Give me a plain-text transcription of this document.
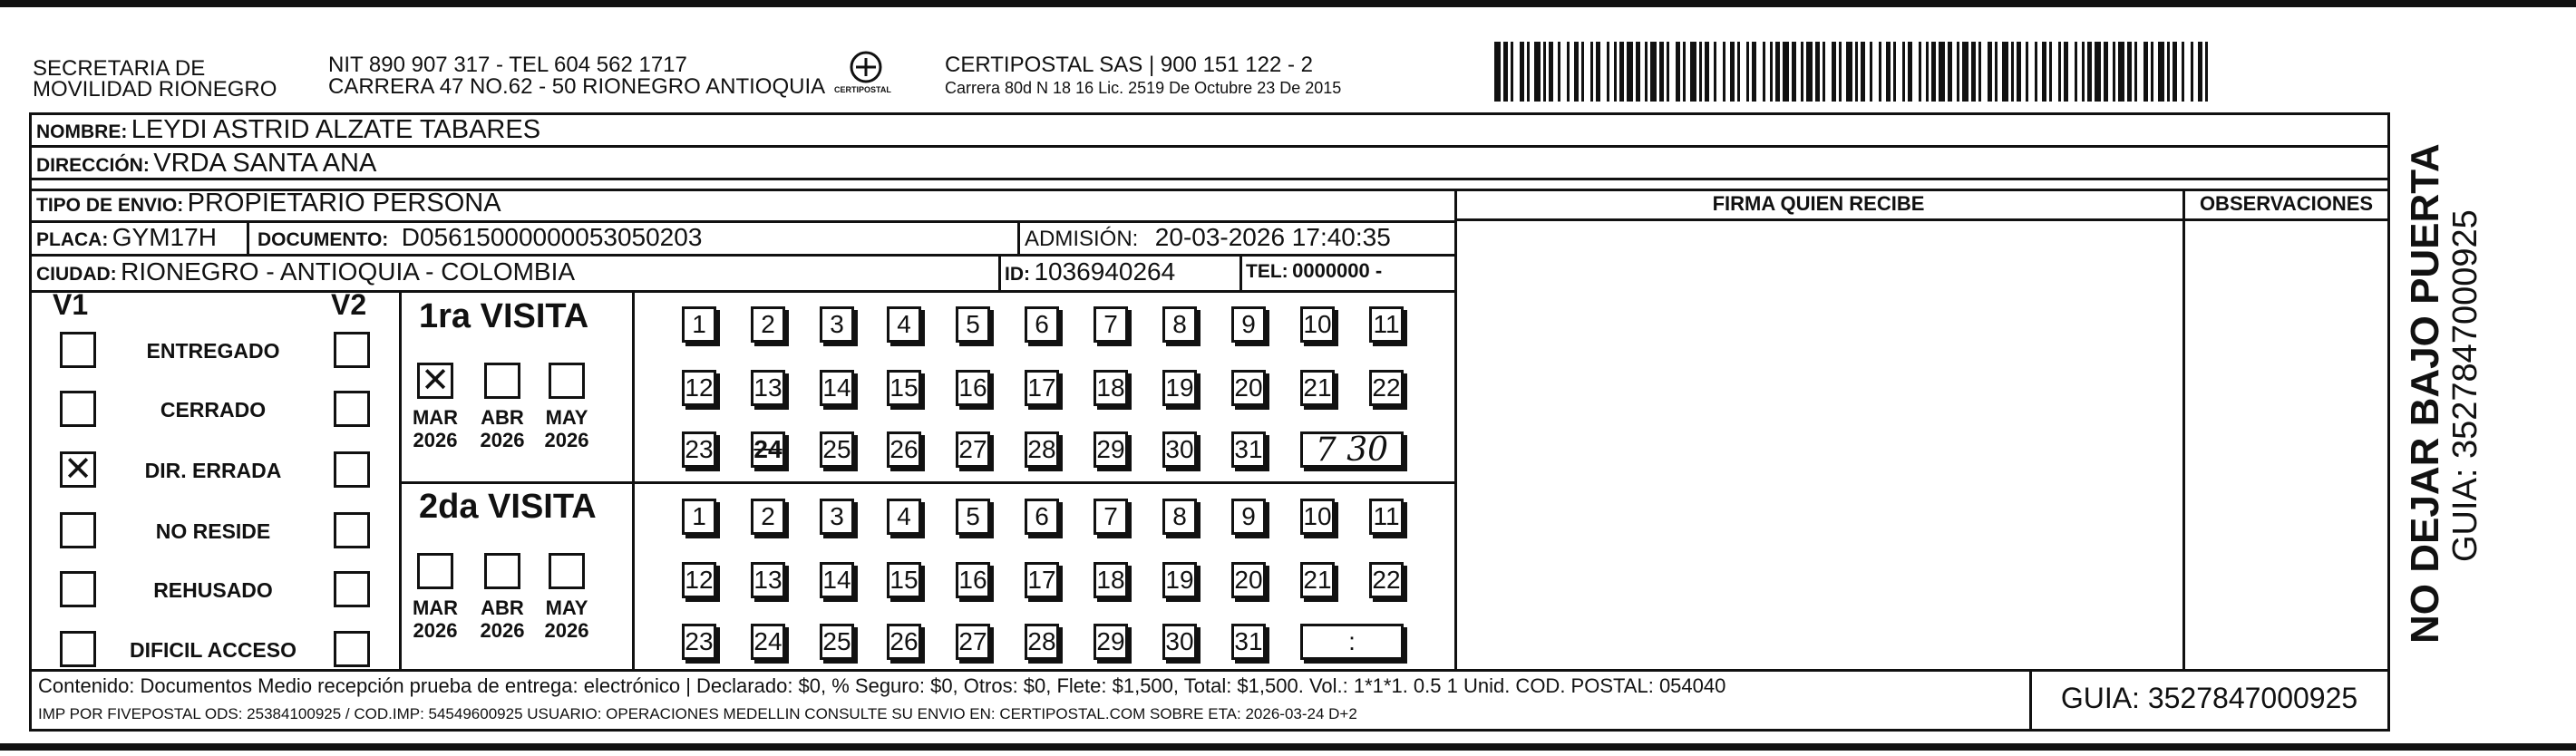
SECRETARIA DE
MOVILIDAD RIONEGRO
NIT 890 907 317 - TEL 604 562 1717
CARRERA 47 NO.62 - 50 RIONEGRO ANTIOQUIA CERTIPOSTAL
CERTIPOSTAL SAS | 900 151 122 - 2
Carrera 80d N 18 16 Lic. 2519 De Octubre 23 De 2015
NOMBRE: LEYDI ASTRID ALZATE TABARES
DIRECCIÓN: VRDA SANTA ANA
TIPO DE ENVIO: PROPIETARIO PERSONA	FIRMA QUIEN RECIBE	OBSERVACIONES
PLACA: GYM17H DOCUMENTO: D05615000000053050203	ADMISIÓN: 20-03-2026 17:40:35
CIUDAD: RIONEGRO - ANTIOQUIA - COLOMBIA	ID: 1036940264	TEL: 0000000 -
V1	V2
ENTREGADO
CERRADO
✕	DIR. ERRADA
NO RESIDE
REHUSADO
DIFICIL ACCESO
1ra VISITA
✕
MAR
2026
ABR
2026
MAY
2026
1	2	3	4	5	6	7	8	9	10 11
12 13 14 15 16 17 18 19 20 21 22
23 24 25 26 27 28 29 30 31	7 30
2da VISITA
MAR
2026
ABR
2026
MAY
2026
1	2	3	4	5	6	7	8	9	10 11
12 13 14 15 16 17 18 19 20 21 22
23 24 25 26 27 28 29 30 31	:
Contenido: Documentos Medio recepción prueba de entrega: electrónico | Declarado: $0, % Seguro: $0, Otros: $0, Flete: $1,500, Total: $1,500. Vol.: 1*1*1. 0.5 1 Unid. COD. POSTAL: 054040
IMP POR FIVEPOSTAL ODS: 25384100925 / COD.IMP: 54549600925 USUARIO: OPERACIONES MEDELLIN CONSULTE SU ENVIO EN: CERTIPOSTAL.COM SOBRE ETA: 2026-03-24 D+2	GUIA: 3527847000925
NO DEJAR BAJO PUERTA GUIA: 3527847000925
